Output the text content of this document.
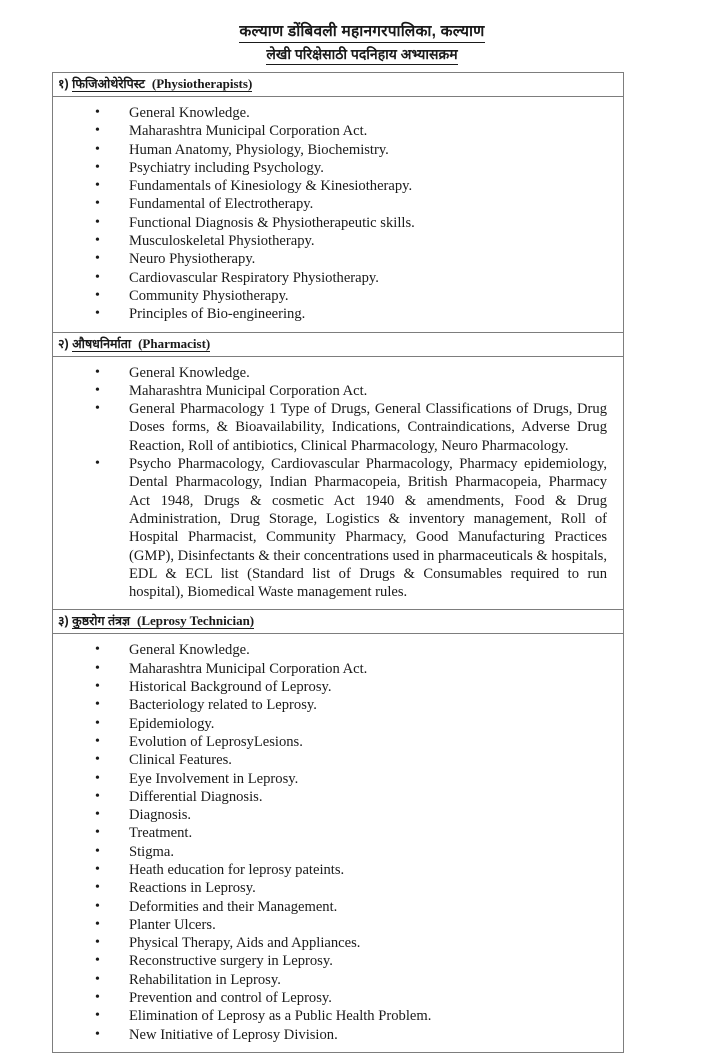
कल्याण डोंबिवली महानगरपालिका, कल्याण
लेखी परिक्षेसाठी पदनिहाय अभ्यासक्रम
१) फिजिओथेरेपिस्ट (Physiotherapists)
• General Knowledge.
• Maharashtra Municipal Corporation Act.
• Human Anatomy, Physiology, Biochemistry.
• Psychiatry including Psychology.
• Fundamentals of Kinesiology & Kinesiotherapy.
• Fundamental of Electrotherapy.
• Functional Diagnosis & Physiotherapeutic skills.
• Musculoskeletal Physiotherapy.
• Neuro Physiotherapy.
• Cardiovascular Respiratory Physiotherapy.
• Community Physiotherapy.
• Principles of Bio-engineering.
२) औषधनिर्माता (Pharmacist)
• General Knowledge.
• Maharashtra Municipal Corporation Act.
• General Pharmacology 1 Type of Drugs, General Classifications of Drugs, Drug Doses forms, & Bioavailability, Indications, Contraindications, Adverse Drug Reaction, Roll of antibiotics, Clinical Pharmacology, Neuro Pharmacology.
• Psycho Pharmacology, Cardiovascular Pharmacology, Pharmacy epidemiology, Dental Pharmacology, Indian Pharmacopeia, British Pharmacopeia, Pharmacy Act 1948, Drugs & cosmetic Act 1940 & amendments, Food & Drug Administration, Drug Storage, Logistics & inventory management, Roll of Hospital Pharmacist, Community Pharmacy, Good Manufacturing Practices (GMP), Disinfectants & their concentrations used in pharmaceuticals & hospitals, EDL & ECL list (Standard list of Drugs & Consumables required to run hospital), Biomedical Waste management rules.
३) कुष्ठरोग तंत्रज्ञ (Leprosy Technician)
• General Knowledge.
• Maharashtra Municipal Corporation Act.
• Historical Background of Leprosy.
• Bacteriology related to Leprosy.
• Epidemiology.
• Evolution of LeprosyLesions.
• Clinical Features.
• Eye Involvement in Leprosy.
• Differential Diagnosis.
• Diagnosis.
• Treatment.
• Stigma.
• Heath education for leprosy pateints.
• Reactions in Leprosy.
• Deformities and their Management.
• Planter Ulcers.
• Physical Therapy, Aids and Appliances.
• Reconstructive surgery in Leprosy.
• Rehabilitation in Leprosy.
• Prevention and control of Leprosy.
• Elimination of Leprosy as a Public Health Problem.
• New Initiative of Leprosy Division.
